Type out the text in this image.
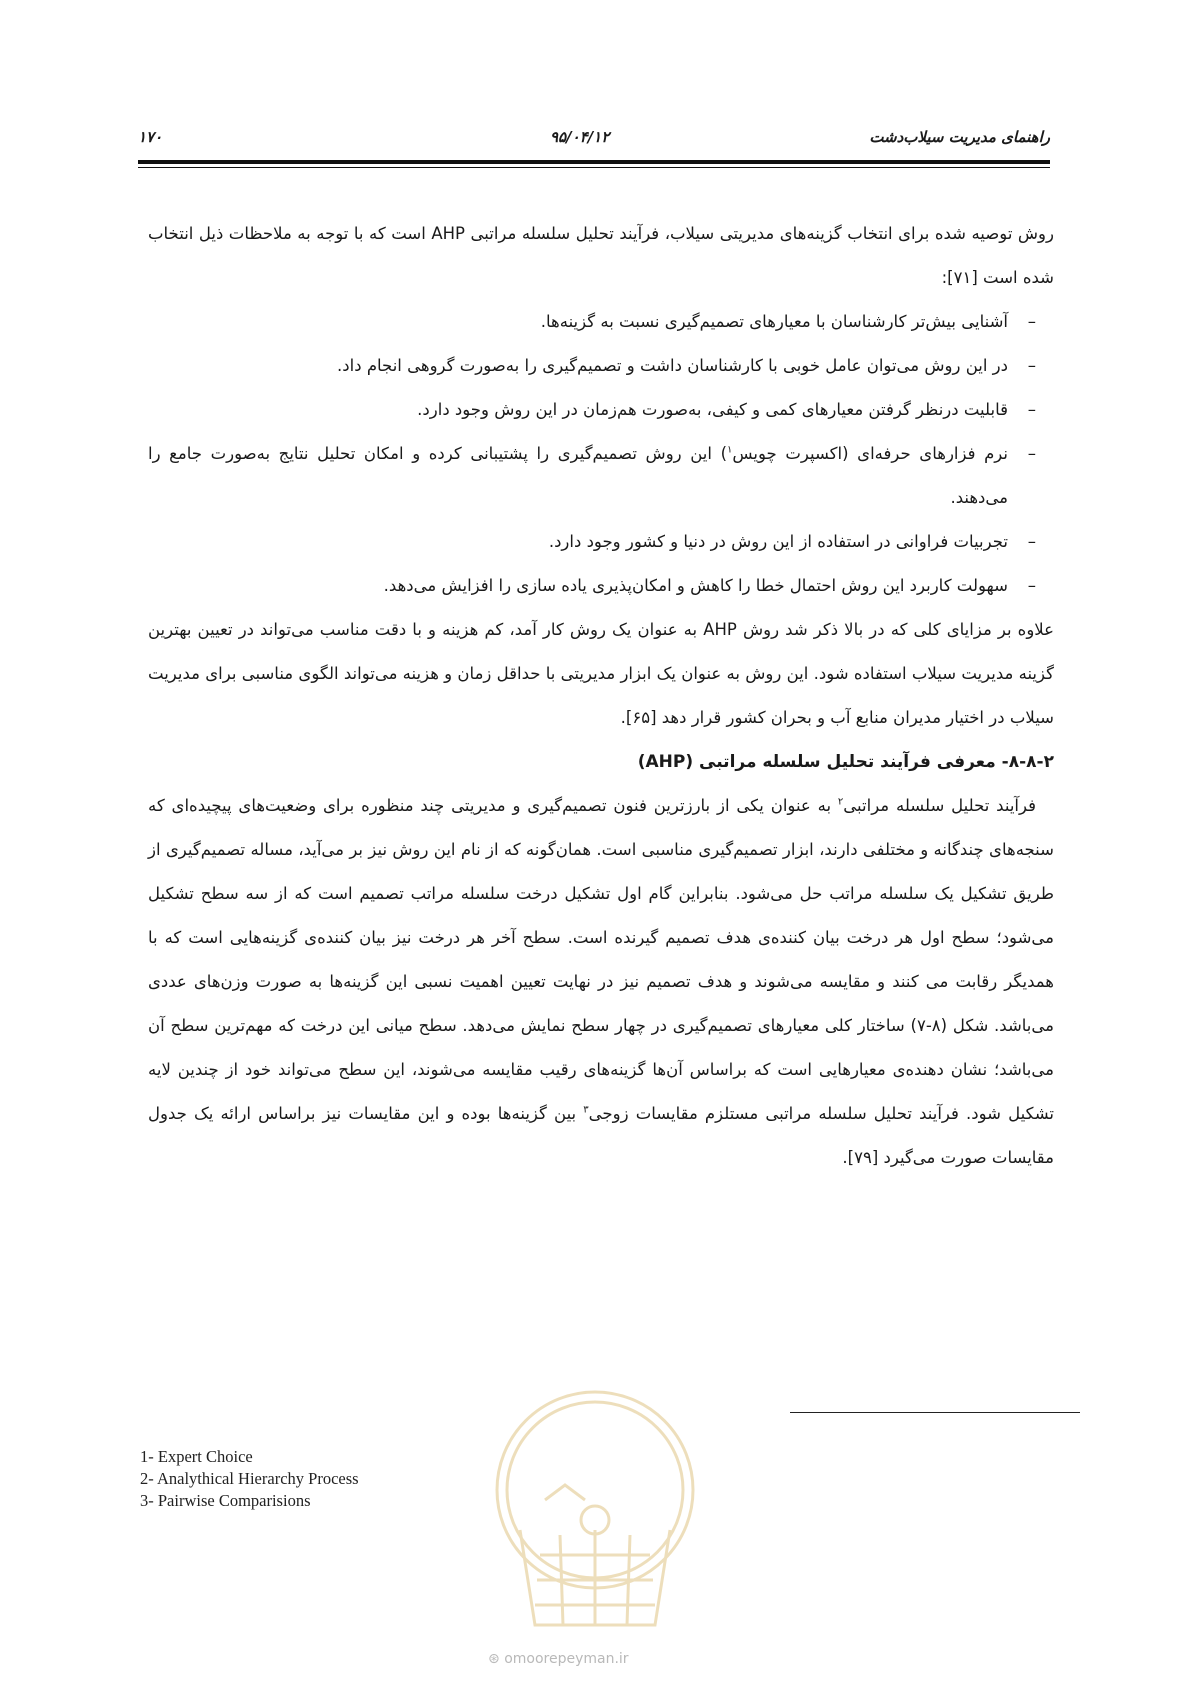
راهنمای مدیریت سیلاب‌دشت
۹۵/۰۴/۱۲
۱۷۰

روش توصیه شده برای انتخاب گزینه‌های مدیریتی سیلاب، فرآیند تحلیل سلسله مراتبی AHP است که با توجه به ملاحظات ذیل انتخاب شده است [۷۱]:

–
آشنایی بیش‌تر کارشناسان با معیارهای تصمیم‌گیری نسبت به گزینه‌ها.
–
در این روش می‌توان عامل خوبی با کارشناسان داشت و تصمیم‌گیری را به‌صورت گروهی انجام داد.
–
قابلیت درنظر گرفتن معیارهای کمی و کیفی، به‌صورت هم‌زمان در این روش وجود دارد.
–
نرم فزارهای حرفه‌ای (اکسپرت چویس$^۱$) این روش تصمیم‌گیری را پشتیبانی کرده و امکان تحلیل نتایج به‌صورت جامع را می‌دهند.
–
تجربیات فراوانی در استفاده از این روش در دنیا و کشور وجود دارد.
–
سهولت کاربرد این روش احتمال خطا را کاهش و امکان‌پذیری یاده سازی را افزایش می‌دهد.

علاوه بر مزایای کلی که در بالا ذکر شد روش AHP به عنوان یک روش کار آمد، کم هزینه و با دقت مناسب می‌تواند در تعیین بهترین گزینه مدیریت سیلاب استفاده شود. این روش به عنوان یک ابزار مدیریتی با حداقل زمان و هزینه می‌تواند الگوی مناسبی برای مدیریت سیلاب در اختیار مدیران منابع آب و بحران کشور قرار دهد [۶۵].

۸-۸-۲- معرفی فرآیند تحلیل سلسله مراتبی (AHP)

فرآیند تحلیل سلسله مراتبی$^۲$ به عنوان یکی از بارزترین فنون تصمیم‌گیری و مدیریتی چند منظوره برای وضعیت‌های پیچیده‌ای که سنجه‌های چندگانه و مختلفی دارند، ابزار تصمیم‌گیری مناسبی است. همان‌گونه که از نام این روش نیز بر می‌آید، مساله تصمیم‌گیری از طریق تشکیل یک سلسله مراتب حل می‌شود. بنابراین گام اول تشکیل درخت سلسله مراتب تصمیم است که از سه سطح تشکیل می‌شود؛ سطح اول هر درخت بیان کننده‌ی هدف تصمیم گیرنده است. سطح آخر هر درخت نیز بیان کننده‌ی گزینه‌هایی است که با همدیگر رقابت می کنند و مقایسه می‌شوند و هدف تصمیم نیز در نهایت تعیین اهمیت نسبی این گزینه‌ها به صورت وزن‌های عددی می‌باشد. شکل (۸-۷) ساختار کلی معیارهای تصمیم‌گیری در چهار سطح نمایش می‌دهد. سطح میانی این درخت که مهم‌ترین سطح آن می‌باشد؛ نشان دهنده‌ی معیارهایی است که براساس آن‌ها گزینه‌های رقیب مقایسه می‌شوند، این سطح می‌تواند خود از چندین لایه تشکیل شود. فرآیند تحلیل سلسله مراتبی مستلزم مقایسات زوجی$^۳$ بین گزینه‌ها بوده و این مقایسات نیز براساس ارائه یک جدول مقایسات صورت می‌گیرد [۷۹].

1- Expert Choice
2- Analythical Hierarchy Process
3- Pairwise Comparisions
⊛ omoorepeyman.ir
